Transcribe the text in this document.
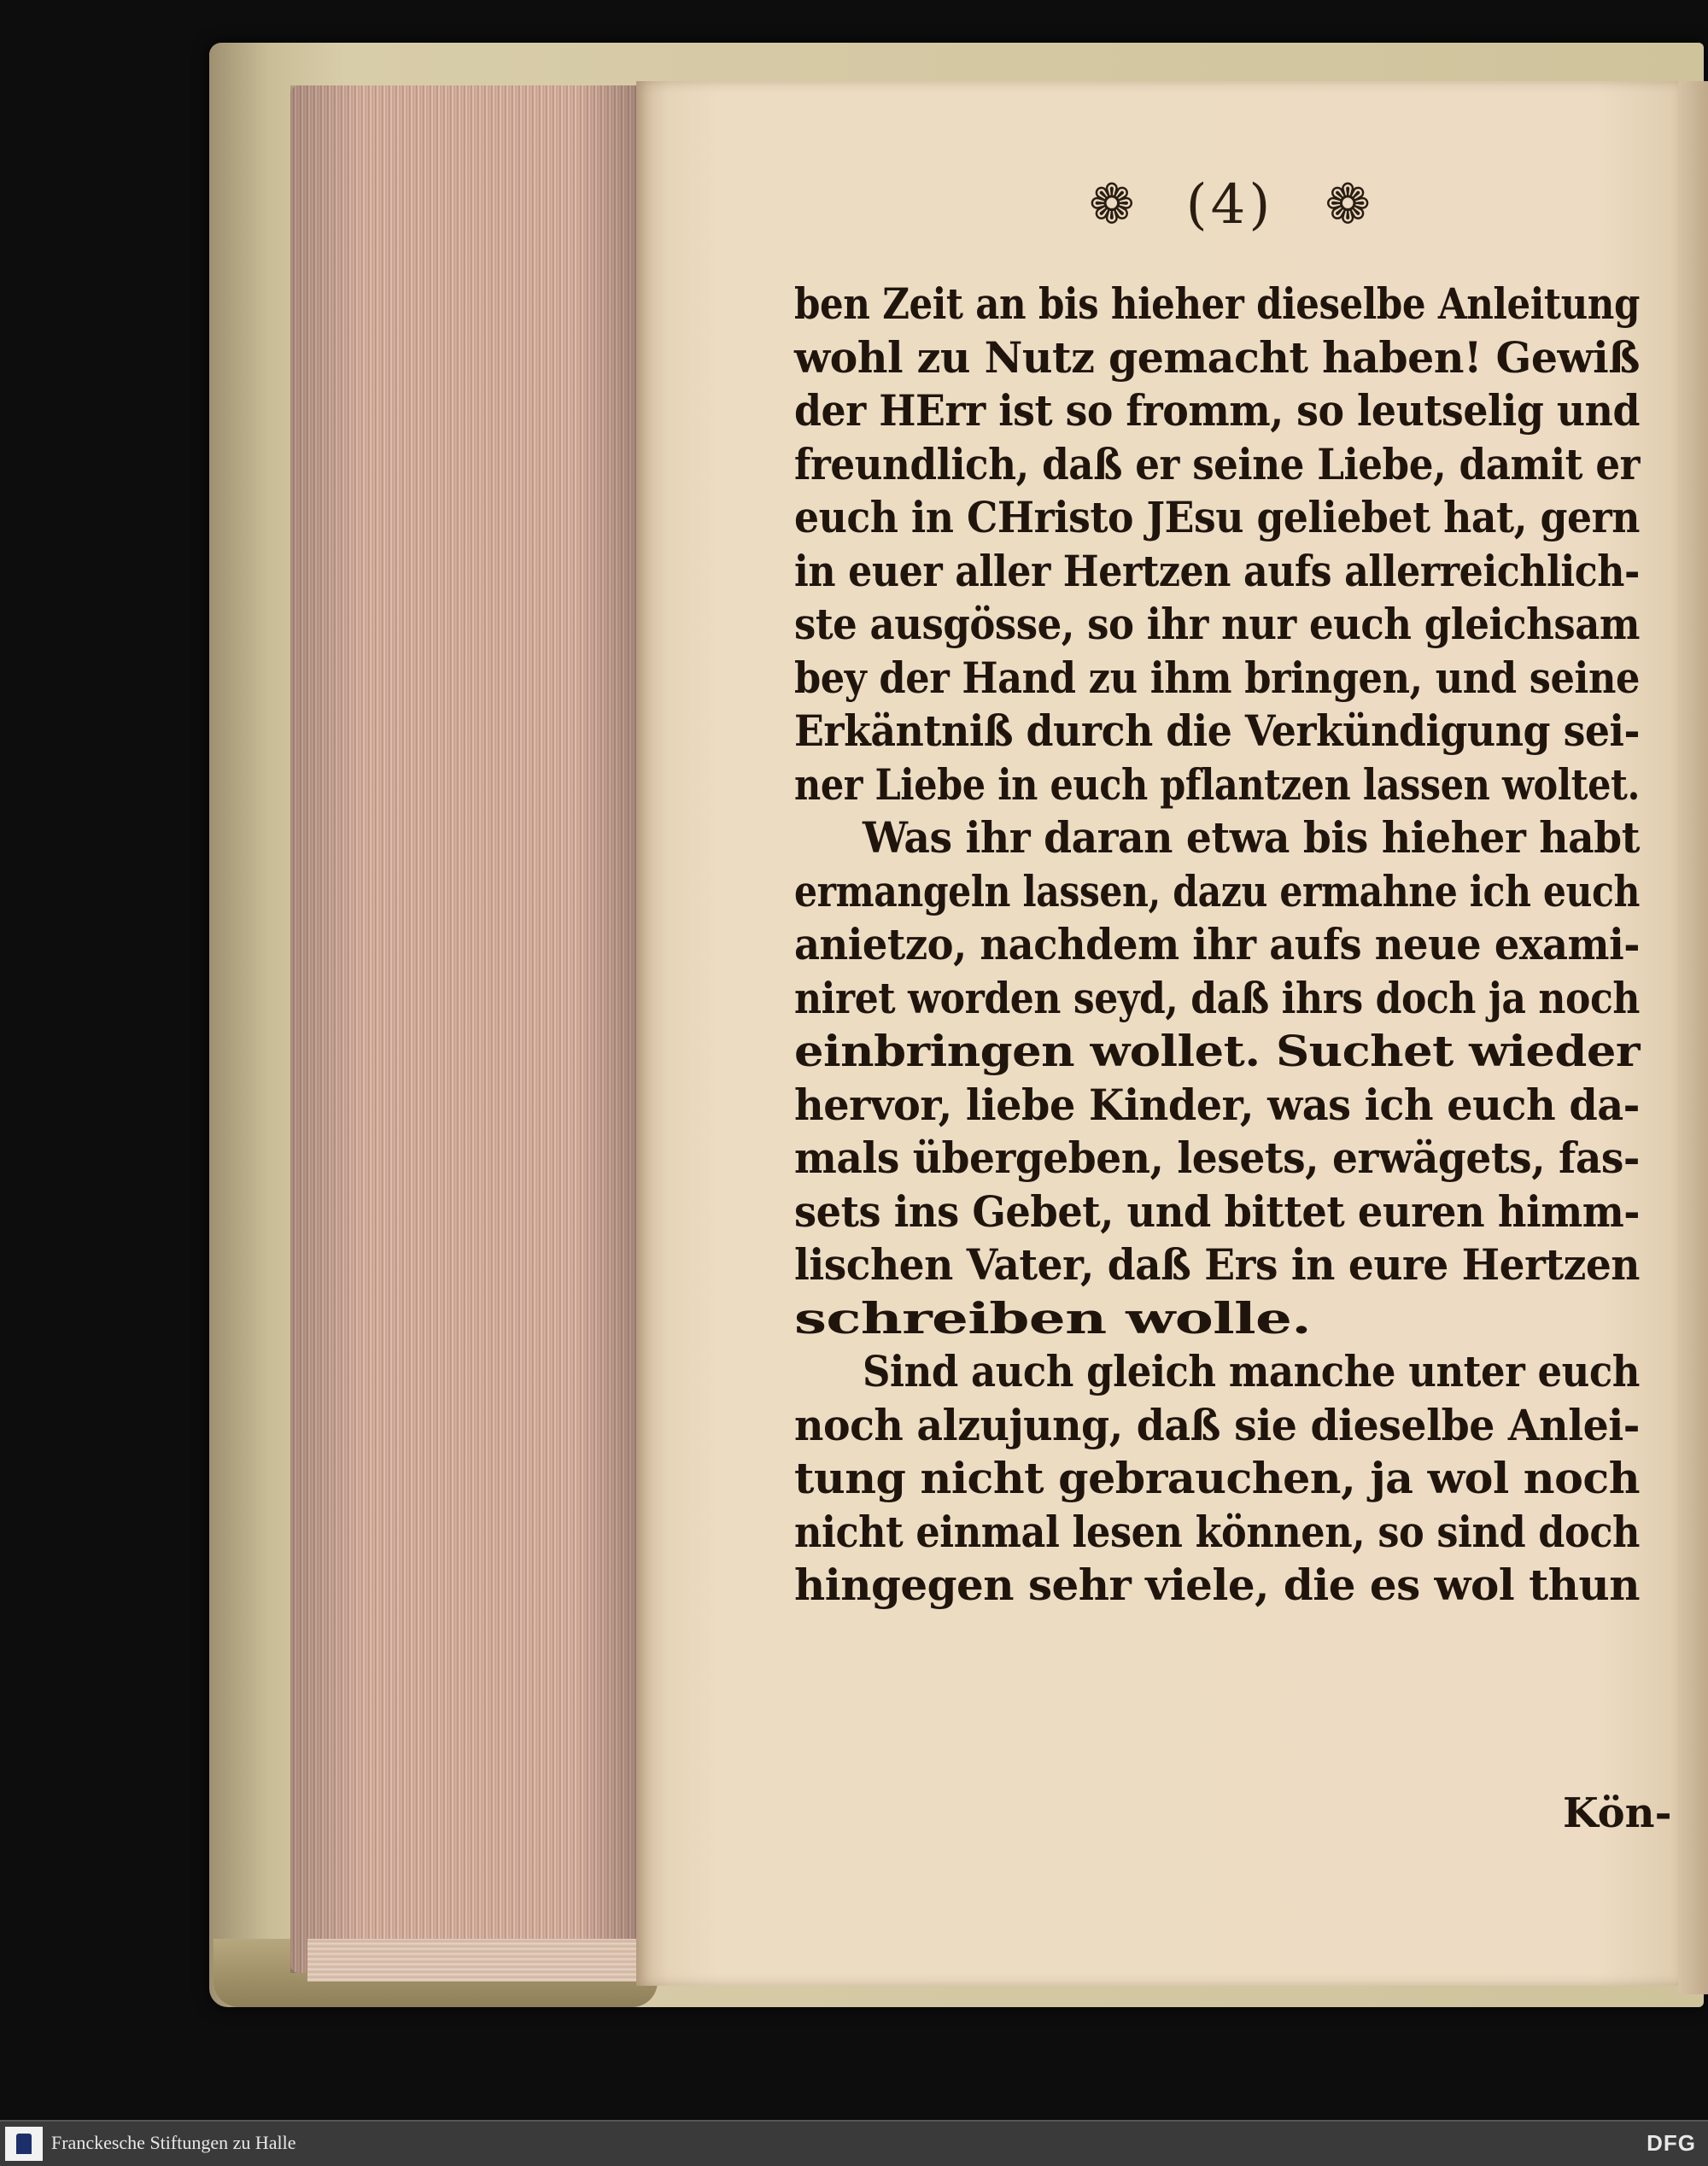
❁ (4) ❁
ben Zeit an bis hieher dieselbe Anleitung
wohl zu Nutz gemacht haben! Gewiß
der HErr ist so fromm, so leutselig und
freundlich, daß er seine Liebe, damit er
euch in CHristo JEsu geliebet hat, gern
in euer aller Hertzen aufs allerreichlich-
ste ausgösse, so ihr nur euch gleichsam
bey der Hand zu ihm bringen, und seine
Erkäntniß durch die Verkündigung sei-
ner Liebe in euch pflantzen lassen woltet.
Was ihr daran etwa bis hieher habt
ermangeln lassen, dazu ermahne ich euch
anietzo, nachdem ihr aufs neue exami-
niret worden seyd, daß ihrs doch ja noch
einbringen wollet. Suchet wieder
hervor, liebe Kinder, was ich euch da-
mals übergeben, lesets, erwägets, fas-
sets ins Gebet, und bittet euren himm-
lischen Vater, daß Ers in eure Hertzen
schreiben wolle.
Sind auch gleich manche unter euch
noch alzujung, daß sie dieselbe Anlei-
tung nicht gebrauchen, ja wol noch
nicht einmal lesen können, so sind doch
hingegen sehr viele, die es wol thun
Kön-
Franckesche Stiftungen zu Halle	DFG
